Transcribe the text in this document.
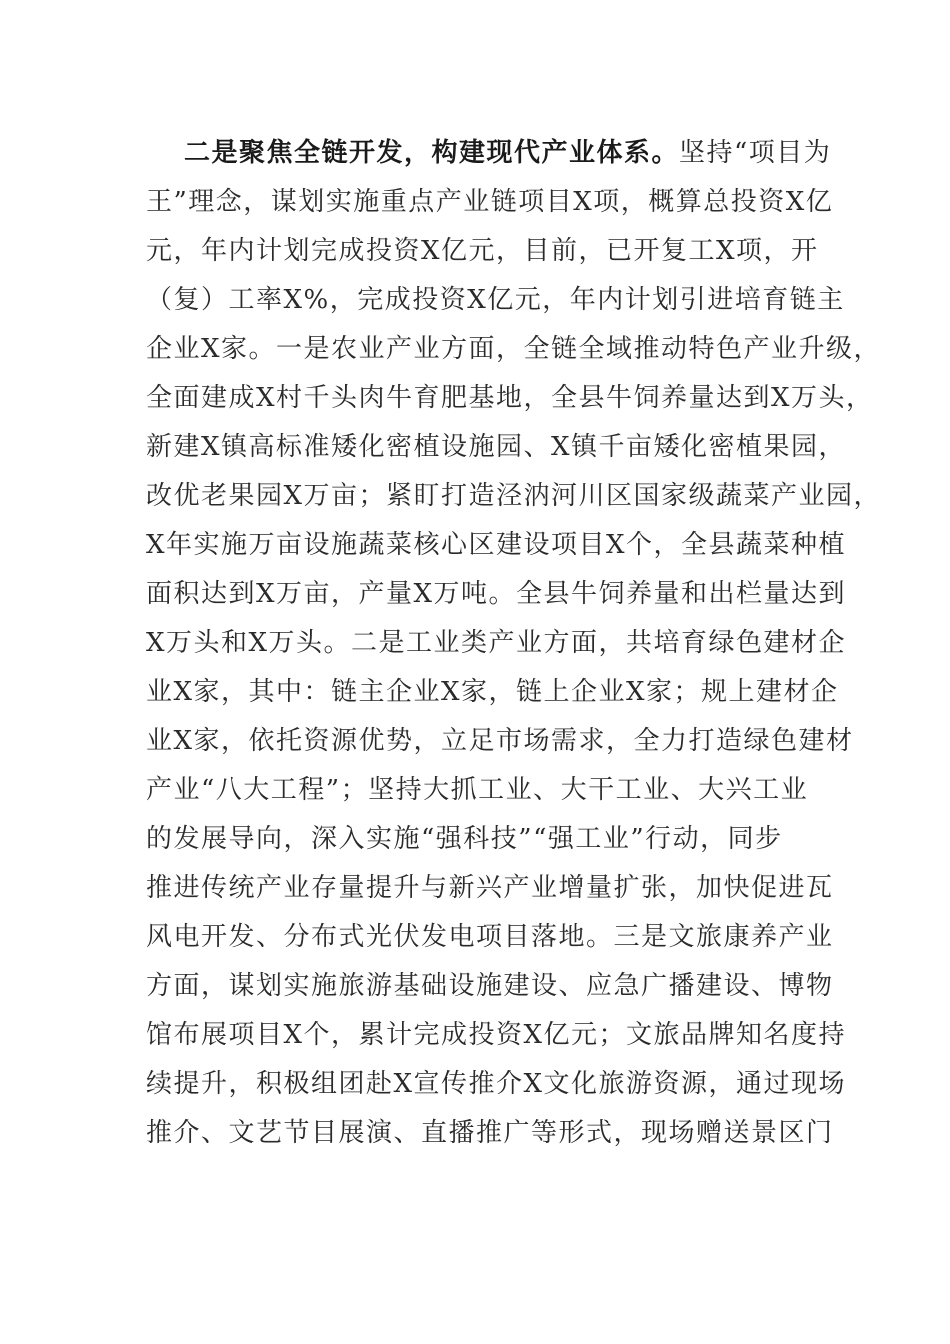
二是聚焦全链开发，构建现代产业体系。坚持“项目为
王”理念，谋划实施重点产业链项目X项，概算总投资X亿
元，年内计划完成投资X亿元，目前，已开复工X项，开
（复）工率X%，完成投资X亿元，年内计划引进培育链主
企业X家。一是农业产业方面，全链全域推动特色产业升级，
全面建成X村千头肉牛育肥基地，全县牛饲养量达到X万头，
新建X镇高标准矮化密植设施园、X镇千亩矮化密植果园，
改优老果园X万亩；紧盯打造泾汭河川区国家级蔬菜产业园，
X年实施万亩设施蔬菜核心区建设项目X个，全县蔬菜种植
面积达到X万亩，产量X万吨。全县牛饲养量和出栏量达到
X万头和X万头。二是工业类产业方面，共培育绿色建材企
业X家，其中：链主企业X家，链上企业X家；规上建材企
业X家，依托资源优势，立足市场需求，全力打造绿色建材
产业“八大工程”；坚持大抓工业、大干工业、大兴工业
的发展导向，深入实施“强科技”“强工业”行动，同步
推进传统产业存量提升与新兴产业增量扩张，加快促进瓦
风电开发、分布式光伏发电项目落地。三是文旅康养产业
方面，谋划实施旅游基础设施建设、应急广播建设、博物
馆布展项目X个，累计完成投资X亿元；文旅品牌知名度持
续提升，积极组团赴X宣传推介X文化旅游资源，通过现场
推介、文艺节目展演、直播推广等形式，现场赠送景区门
